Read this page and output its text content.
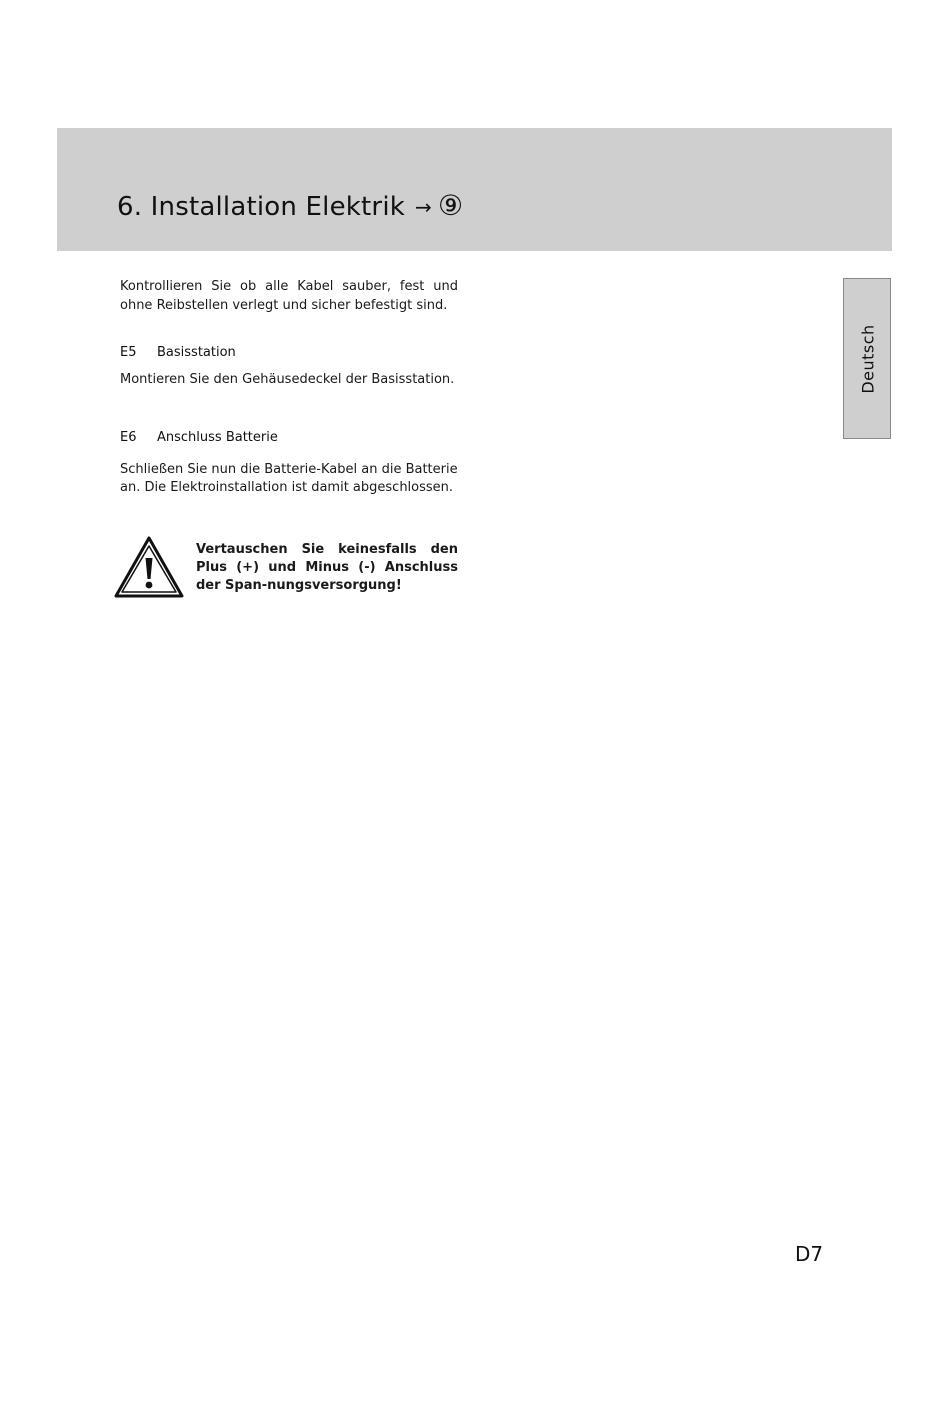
6. Installation Elektrik → ⑨
Deutsch

Kontrollieren Sie ob alle Kabel sauber, fest und ohne Reibstellen verlegt und sicher befestigt sind.

E5 Basisstation

Montieren Sie den Gehäusedeckel der Basisstation.

E6 Anschluss Batterie

Schließen Sie nun die Batterie-Kabel an die Batterie an. Die Elektroinstallation ist damit abgeschlossen.

Vertauschen Sie keinesfalls den Plus (+) und Minus (-) Anschluss der Span-nungsversorgung!

D7
